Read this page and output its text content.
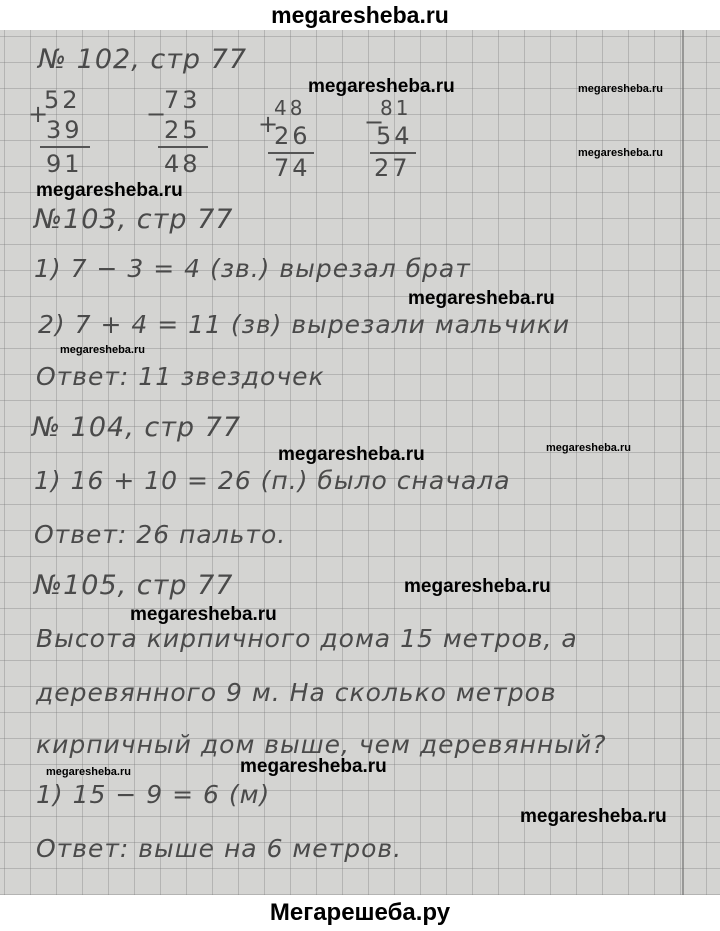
megaresheba.ru
№ 102, стр 77
+
52
39
91
−
73
25
48
+
48
26
74
−
81
54
27
№103, стр 77
1) 7 − 3 = 4 (зв.) вырезал брат
2) 7 + 4 = 11 (зв) вырезали мальчики
Ответ: 11 звездочек
№ 104, стр 77
1) 16 + 10 = 26 (п.) было сначала
Ответ: 26 пальто.
№105, стр 77
Высота кирпичного дома 15 метров, а
деревянного 9 м. На сколько метров
кирпичный дом выше, чем деревянный?
1) 15 − 9 = 6 (м)
Ответ: выше на 6 метров.
megaresheba.ru	megaresheba.ru
megaresheba.ru
megaresheba.ru
megaresheba.ru
megaresheba.ru
megaresheba.ru	megaresheba.ru
megaresheba.ru
megaresheba.ru
megaresheba.ru
megaresheba.ru
megaresheba.ru
Мегарешеба.ру
